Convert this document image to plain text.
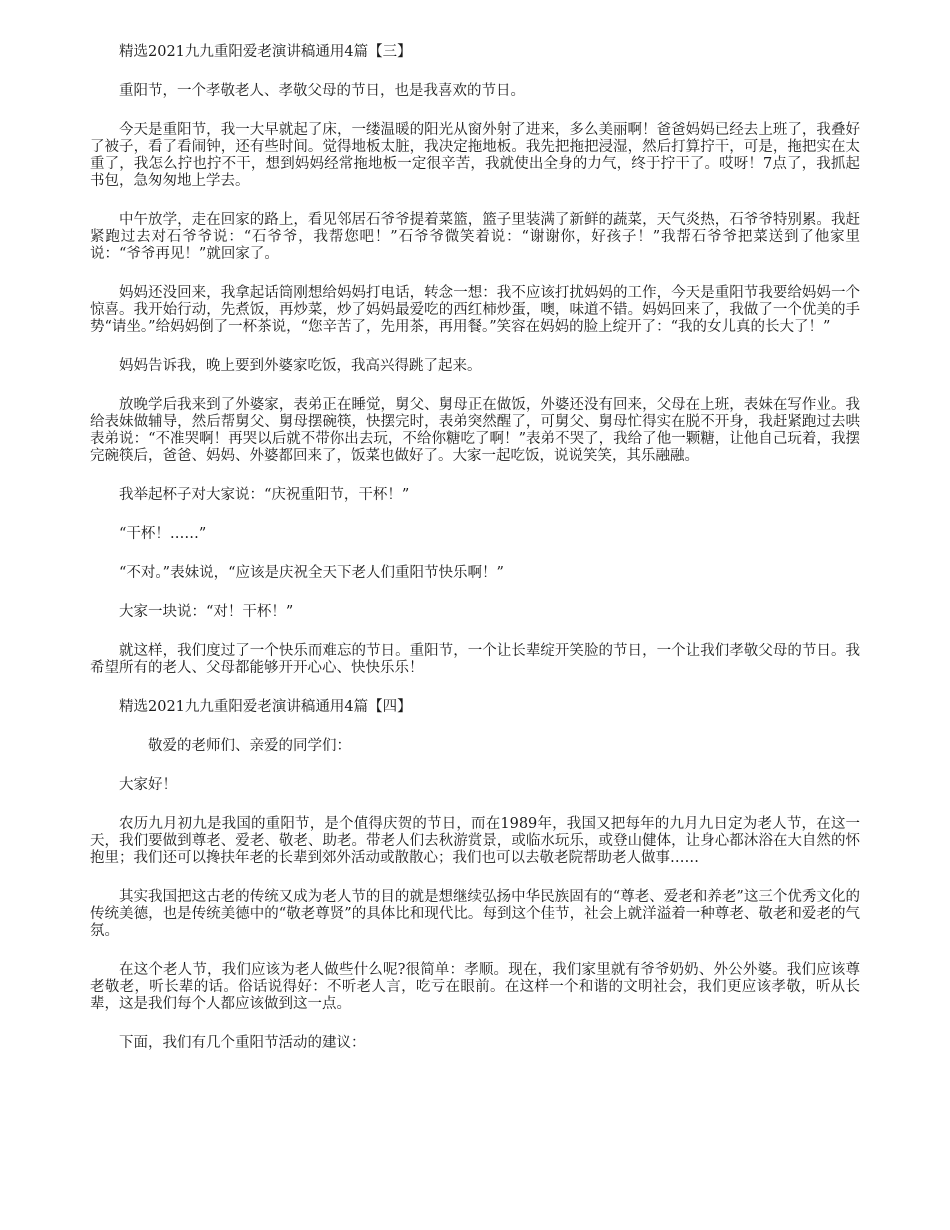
精选2021九九重阳爱老演讲稿通用4篇【三】

重阳节，一个孝敬老人、孝敬父母的节日，也是我喜欢的节日。

今天是重阳节，我一大早就起了床，一缕温暖的阳光从窗外射了进来，多么美丽啊！爸爸妈妈已经去上班了，我叠好了被子，看了看闹钟，还有些时间。觉得地板太脏，我决定拖地板。我先把拖把浸湿，然后打算拧干，可是，拖把实在太重了，我怎么拧也拧不干，想到妈妈经常拖地板一定很辛苦，我就使出全身的力气，终于拧干了。哎呀！7点了，我抓起书包，急匆匆地上学去。

中午放学，走在回家的路上，看见邻居石爷爷提着菜篮，篮子里装满了新鲜的蔬菜，天气炎热，石爷爷特别累。我赶紧跑过去对石爷爷说：“石爷爷，我帮您吧！”石爷爷微笑着说：“谢谢你，好孩子！”我帮石爷爷把菜送到了他家里说：“爷爷再见！”就回家了。

妈妈还没回来，我拿起话筒刚想给妈妈打电话，转念一想：我不应该打扰妈妈的工作，今天是重阳节我要给妈妈一个惊喜。我开始行动，先煮饭，再炒菜，炒了妈妈最爱吃的西红柿炒蛋，噢，味道不错。妈妈回来了，我做了一个优美的手势“请坐。”给妈妈倒了一杯茶说，“您辛苦了，先用茶，再用餐。”笑容在妈妈的脸上绽开了：“我的女儿真的长大了！”

妈妈告诉我，晚上要到外婆家吃饭，我高兴得跳了起来。

放晚学后我来到了外婆家，表弟正在睡觉，舅父、舅母正在做饭，外婆还没有回来，父母在上班，表妹在写作业。我给表妹做辅导，然后帮舅父、舅母摆碗筷，快摆完时，表弟突然醒了，可舅父、舅母忙得实在脱不开身，我赶紧跑过去哄表弟说：“不准哭啊！再哭以后就不带你出去玩，不给你糖吃了啊！”表弟不哭了，我给了他一颗糖，让他自己玩着，我摆完碗筷后，爸爸、妈妈、外婆都回来了，饭菜也做好了。大家一起吃饭，说说笑笑，其乐融融。

我举起杯子对大家说：“庆祝重阳节，干杯！”

“干杯！……”

“不对。”表妹说，“应该是庆祝全天下老人们重阳节快乐啊！”

大家一块说：“对！干杯！”

就这样，我们度过了一个快乐而难忘的节日。重阳节，一个让长辈绽开笑脸的节日，一个让我们孝敬父母的节日。我希望所有的老人、父母都能够开开心心、快快乐乐！

精选2021九九重阳爱老演讲稿通用4篇【四】

敬爱的老师们、亲爱的同学们：

大家好！

农历九月初九是我国的重阳节，是个值得庆贺的节日，而在1989年，我国又把每年的九月九日定为老人节，在这一天，我们要做到尊老、爱老、敬老、助老。带老人们去秋游赏景，或临水玩乐，或登山健体，让身心都沐浴在大自然的怀抱里；我们还可以搀扶年老的长辈到郊外活动或散散心；我们也可以去敬老院帮助老人做事……

其实我国把这古老的传统又成为老人节的目的就是想继续弘扬中华民族固有的“尊老、爱老和养老”这三个优秀文化的传统美德，也是传统美德中的“敬老尊贤”的具体比和现代比。每到这个佳节，社会上就洋溢着一种尊老、敬老和爱老的气氛。

在这个老人节，我们应该为老人做些什么呢?很简单：孝顺。现在，我们家里就有爷爷奶奶、外公外婆。我们应该尊老敬老，听长辈的话。俗话说得好：不听老人言，吃亏在眼前。在这样一个和谐的文明社会，我们更应该孝敬，听从长辈，这是我们每个人都应该做到这一点。

下面，我们有几个重阳节活动的建议：
